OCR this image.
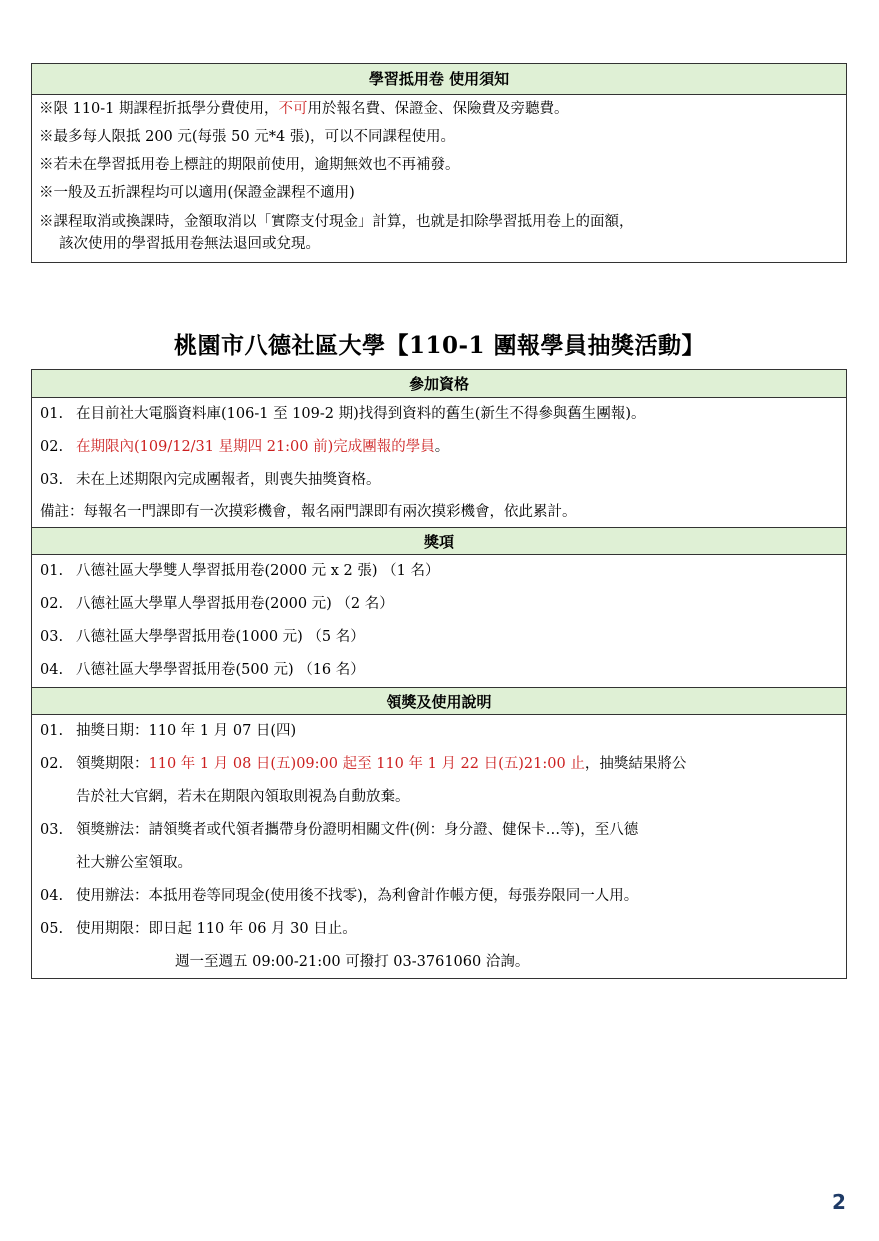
學習抵用卷 使用須知
※限 110-1 期課程折抵學分費使用，不可用於報名費、保證金、保險費及旁聽費。
※最多每人限抵 200 元(每張 50 元*4 張)，可以不同課程使用。
※若未在學習抵用卷上標註的期限前使用，逾期無效也不再補發。
※一般及五折課程均可以適用(保證金課程不適用)
※課程取消或換課時，金額取消以「實際支付現金」計算，也就是扣除學習抵用卷上的面額，
該次使用的學習抵用卷無法退回或兌現。
桃園市八德社區大學【110-1 團報學員抽獎活動】
參加資格
01. 在目前社大電腦資料庫(106-1 至 109-2 期)找得到資料的舊生(新生不得參與舊生團報)。
02. 在期限內(109/12/31 星期四 21:00 前)完成團報的學員。
03. 未在上述期限內完成團報者，則喪失抽獎資格。
備註：每報名一門課即有一次摸彩機會，報名兩門課即有兩次摸彩機會，依此累計。
獎項
01. 八德社區大學雙人學習抵用卷(2000 元 x 2 張) （1 名）
02. 八德社區大學單人學習抵用卷(2000 元) （2 名）
03. 八德社區大學學習抵用卷(1000 元) （5 名）
04. 八德社區大學學習抵用卷(500 元) （16 名）
領獎及使用說明
01. 抽獎日期：110 年 1 月 07 日(四)
02. 領獎期限：110 年 1 月 08 日(五)09:00 起至 110 年 1 月 22 日(五)21:00 止，抽獎結果將公
告於社大官網，若未在期限內領取則視為自動放棄。
03. 領獎辦法：請領獎者或代領者攜帶身份證明相關文件(例：身分證、健保卡…等)，至八德
社大辦公室領取。
04. 使用辦法：本抵用卷等同現金(使用後不找零)，為利會計作帳方便，每張券限同一人用。
05. 使用期限：即日起 110 年 06 月 30 日止。
週一至週五 09:00-21:00 可撥打 03-3761060 洽詢。
2
